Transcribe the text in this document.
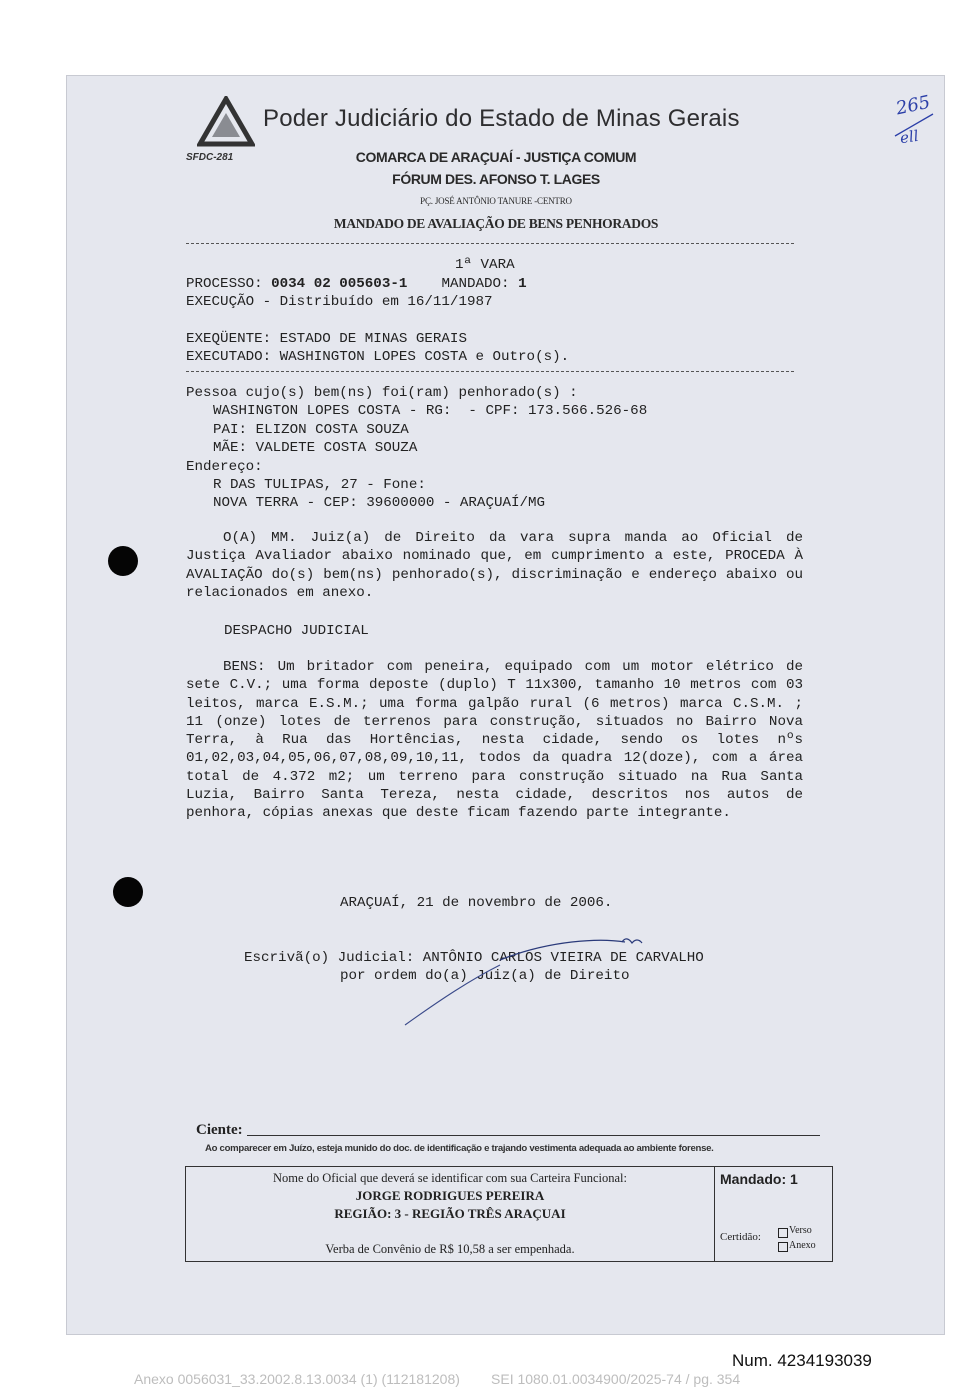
Poder Judiciário do Estado de Minas Gerais
SFDC-281	COMARCA DE ARAÇUAÍ - JUSTIÇA COMUM
FÓRUM DES. AFONSO T. LAGES
PÇ. JOSÉ ANTÔNIO TANURE -CENTRO
MANDADO DE AVALIAÇÃO DE BENS PENHORADOS
265
ell
1ª VARA
PROCESSO: 0034 02 005603-1 MANDADO: 1
EXECUÇÃO - Distribuído em 16/11/1987
EXEQÜENTE: ESTADO DE MINAS GERAIS
EXECUTADO: WASHINGTON LOPES COSTA e Outro(s).
Pessoa cujo(s) bem(ns) foi(ram) penhorado(s) :
WASHINGTON LOPES COSTA - RG:  - CPF: 173.566.526-68
PAI: ELIZON COSTA SOUZA
MÃE: VALDETE COSTA SOUZA
Endereço:
R DAS TULIPAS, 27 - Fone:
NOVA TERRA - CEP: 39600000 - ARAÇUAÍ/MG
O(A) MM. Juiz(a) de Direito da vara supra manda ao Oficial de Justiça Avaliador abaixo nominado que, em cumprimento a este, PROCEDA À AVALIAÇÃO do(s) bem(ns) penhorado(s), discriminação e endereço abaixo ou relacionados em anexo.
DESPACHO JUDICIAL
BENS: Um britador com peneira, equipado com um motor elétrico de sete C.V.; uma forma deposte (duplo) T 11x300, tamanho 10 metros com 03 leitos, marca E.S.M.; uma forma galpão rural (6 metros) marca C.S.M. ; 11 (onze) lotes de terrenos para construção, situados no Bairro Nova Terra, à Rua das Hortências, nesta cidade, sendo os lotes nºs 01,02,03,04,05,06,07,08,09,10,11, todos da quadra 12(doze), com a área total de 4.372 m2; um terreno para construção situado na Rua Santa Luzia, Bairro Santa Tereza, nesta cidade, descritos nos autos de penhora, cópias anexas que deste ficam fazendo parte integrante.
ARAÇUAÍ, 21 de novembro de 2006.
Escrivã(o) Judicial: ANTÔNIO CARLOS VIEIRA DE CARVALHO
por ordem do(a) Juiz(a) de Direito
Ciente:
Ao comparecer em Juízo, esteja munido do doc. de identificação e trajando vestimenta adequada ao ambiente forense.
Nome do Oficial que deverá se identificar com sua Carteira Funcional:
JORGE RODRIGUES PEREIRA
REGIÃO: 3 - REGIÃO TRÊS ARAÇUAI
Verba de Convênio de R$ 10,58 a ser empenhada.
Mandado: 1
Certidão:
Verso
Anexo
Num. 4234193039
Anexo 0056031_33.2002.8.13.0034 (1) (112181208)        SEI 1080.01.0034900/2025-74 / pg. 354
